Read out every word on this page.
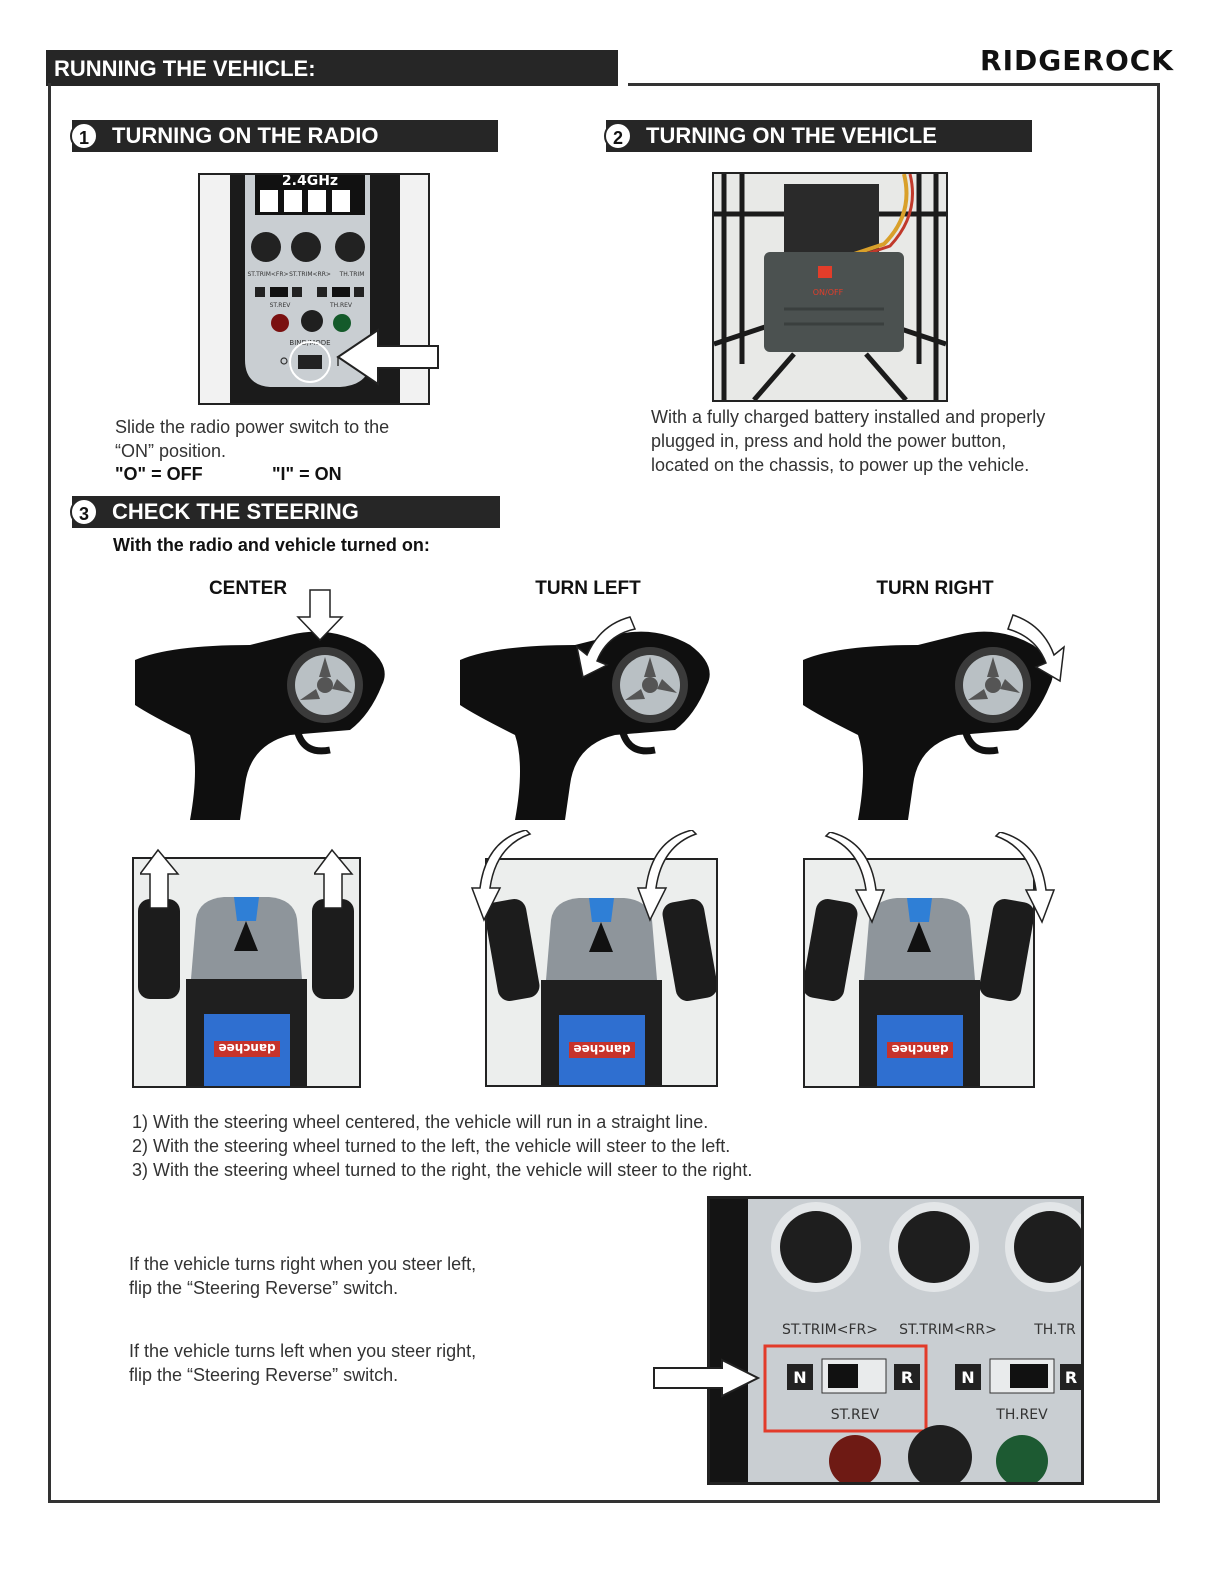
RUNNING THE VEHICLE:	RIDGEROCK
1	TURNING ON THE RADIO
2.4GHz
ST.TRIM<FR> ST.TRIM<RR> TH.TRIM
ST.REV	TH.REV
BIND/MODE
Slide the radio power switch to the
“ON” position.
"O" = OFF	"I" = ON
2	TURNING ON THE VEHICLE
ON/OFF
With a fully charged battery installed and properly
plugged in, press and hold the power button,
located on the chassis, to power up the vehicle.
3	CHECK THE STEERING
With the radio and vehicle turned on:
CENTER	TURN LEFT	TURN RIGHT
danchee	danchee	danchee
1) With the steering wheel centered, the vehicle will run in a straight line.
2) With the steering wheel turned to the left, the vehicle will steer to the left.
3) With the steering wheel turned to the right, the vehicle will steer to the right.
If the vehicle turns right when you steer left,
flip the “Steering Reverse” switch.
If the vehicle turns left when you steer right,
flip the “Steering Reverse” switch.
ST.TRIM<FR> ST.TRIM<RR>	TH.TR
N	R
ST.REV
N	R
TH.REV
